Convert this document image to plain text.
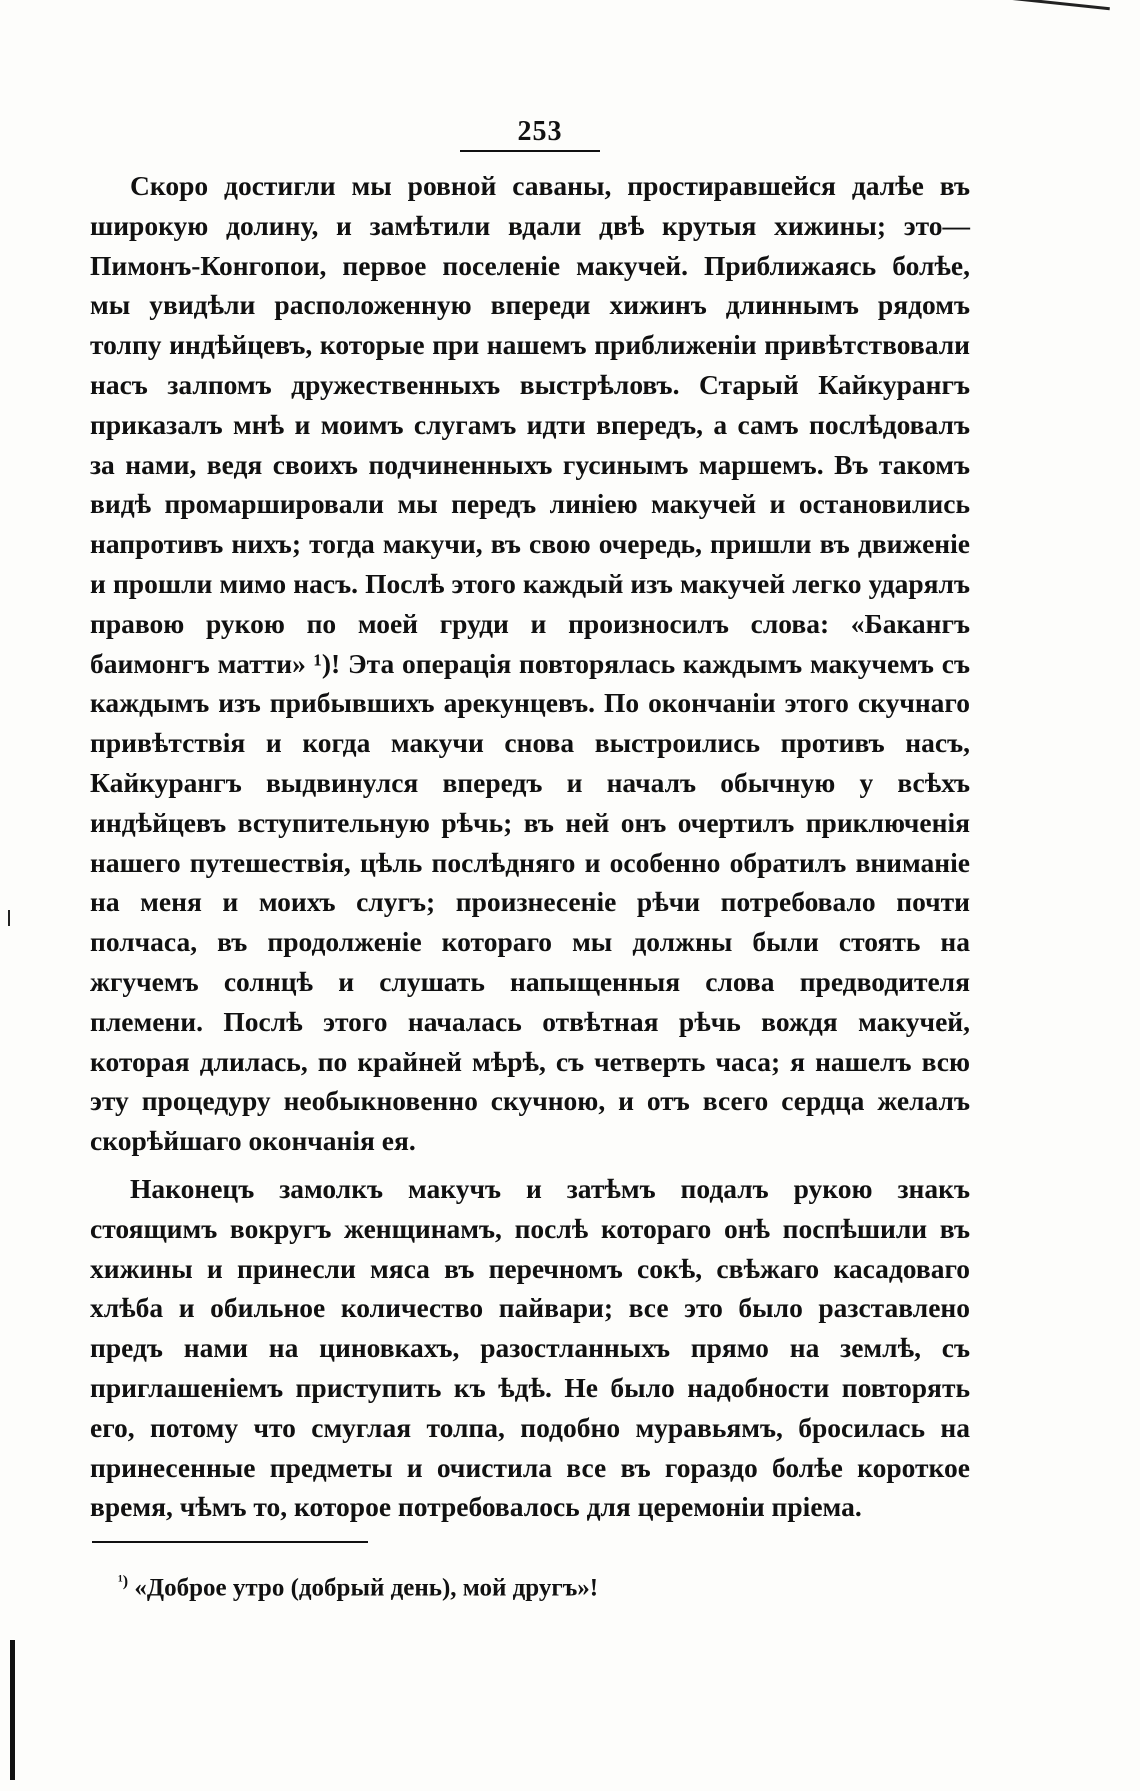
253

Скоро достигли мы ровной саваны, простиравшейся далѣе въ широкую долину, и замѣтили вдали двѣ крутыя хижины; это—Пимонъ-Конгопои, первое поселеніе макучей. Приближаясь болѣе, мы увидѣли расположенную впереди хижинъ длиннымъ рядомъ толпу индѣйцевъ, которые при нашемъ приближеніи привѣтствовали насъ залпомъ дружественныхъ выстрѣловъ. Старый Кайкурангъ приказалъ мнѣ и моимъ слугамъ идти впередъ, а самъ послѣдовалъ за нами, ведя своихъ подчиненныхъ гусинымъ маршемъ. Въ такомъ видѣ промаршировали мы передъ линіею макучей и остановились напротивъ нихъ; тогда макучи, въ свою очередь, пришли въ движеніе и прошли мимо насъ. Послѣ этого каждый изъ макучей легко ударялъ правою рукою по моей груди и произносилъ слова: «Бакангъ баимонгъ матти» ¹)! Эта операція повторялась каждымъ макучемъ съ каждымъ изъ прибывшихъ арекунцевъ. По окончаніи этого скучнаго привѣтствія и когда макучи снова выстроились противъ насъ, Кайкурангъ выдвинулся впередъ и началъ обычную у всѣхъ индѣйцевъ вступительную рѣчь; въ ней онъ очертилъ приключенія нашего путешествія, цѣль послѣдняго и особенно обратилъ вниманіе на меня и моихъ слугъ; произнесеніе рѣчи потребовало почти полчаса, въ продолженіе котораго мы должны были стоять на жгучемъ солнцѣ и слушать напыщенныя слова предводителя племени. Послѣ этого началась отвѣтная рѣчь вождя макучей, которая длилась, по крайней мѣрѣ, съ четверть часа; я нашелъ всю эту процедуру необыкновенно скучною, и отъ всего сердца желалъ скорѣйшаго окончанія ея.

Наконецъ замолкъ макучъ и затѣмъ подалъ рукою знакъ стоящимъ вокругъ женщинамъ, послѣ котораго онѣ поспѣшили въ хижины и принесли мяса въ перечномъ сокѣ, свѣжаго касадоваго хлѣба и обильное количество пайвари; все это было разставлено предъ нами на циновкахъ, разостланныхъ прямо на землѣ, съ приглашеніемъ приступить къ ѣдѣ. Не было надобности повторять его, потому что смуглая толпа, подобно муравьямъ, бросилась на принесенные предметы и очистила все въ гораздо болѣе короткое время, чѣмъ то, которое потребовалось для церемоніи пріема.

$^{^1)}$ «Доброе утро (добрый день), мой другъ»!
